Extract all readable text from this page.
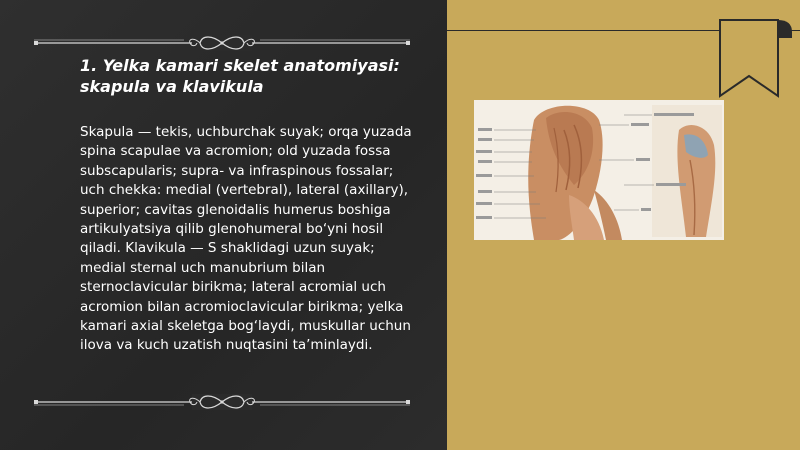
1. Yelka kamari skelet anatomiyasi: skapula va klavikula

Skapula — tekis, uchburchak suyak; orqa yuzada spina scapulae va acromion; old yuzada fossa subscapularis; supra- va infraspinous fossalar; uch chekka: medial (vertebral), lateral (axillary), superior; cavitas glenoidalis humerus boshiga artikulyatsiya qilib glenohumeral bo‘yni hosil qiladi. Klavikula — S shaklidagi uzun suyak; medial sternal uch manubrium bilan sternoclavicular birikma; lateral acromial uch acromion bilan acromioclavicular birikma; yelka kamari axial skeletga bog‘laydi, muskullar uchun ilova va kuch uzatish nuqtasini ta’minlaydi.
